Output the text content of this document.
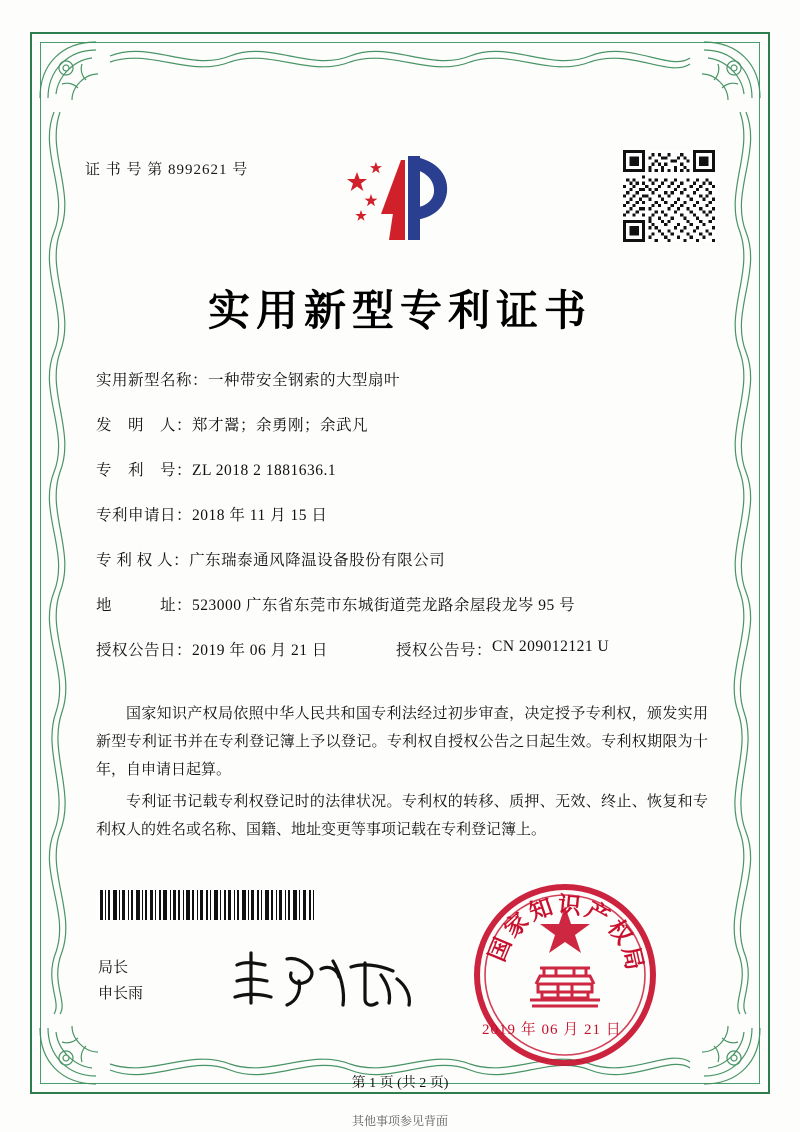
证 书 号 第 8992621 号
实用新型专利证书
实用新型名称： 一种带安全钢索的大型扇叶
发　明　人： 郑才翯；余勇刚；余武凡
专　利　号： ZL 2018 2 1881636.1
专利申请日： 2018 年 11 月 15 日
专 利 权 人： 广东瑞泰通风降温设备股份有限公司
地　　　址： 523000 广东省东莞市东城街道莞龙路余屋段龙岑 95 号
授权公告日： 2019 年 06 月 21 日	授权公告号： CN 209012121 U

国家知识产权局依照中华人民共和国专利法经过初步审查，决定授予专利权，颁发实用新型专利证书并在专利登记簿上予以登记。专利权自授权公告之日起生效。专利权期限为十年，自申请日起算。

专利证书记载专利权登记时的法律状况。专利权的转移、质押、无效、终止、恢复和专利权人的姓名或名称、国籍、地址变更等事项记载在专利登记簿上。

局长
申长雨
国家知识产权局
2019 年 06 月 21 日
第 1 页 (共 2 页)
其他事项参见背面
